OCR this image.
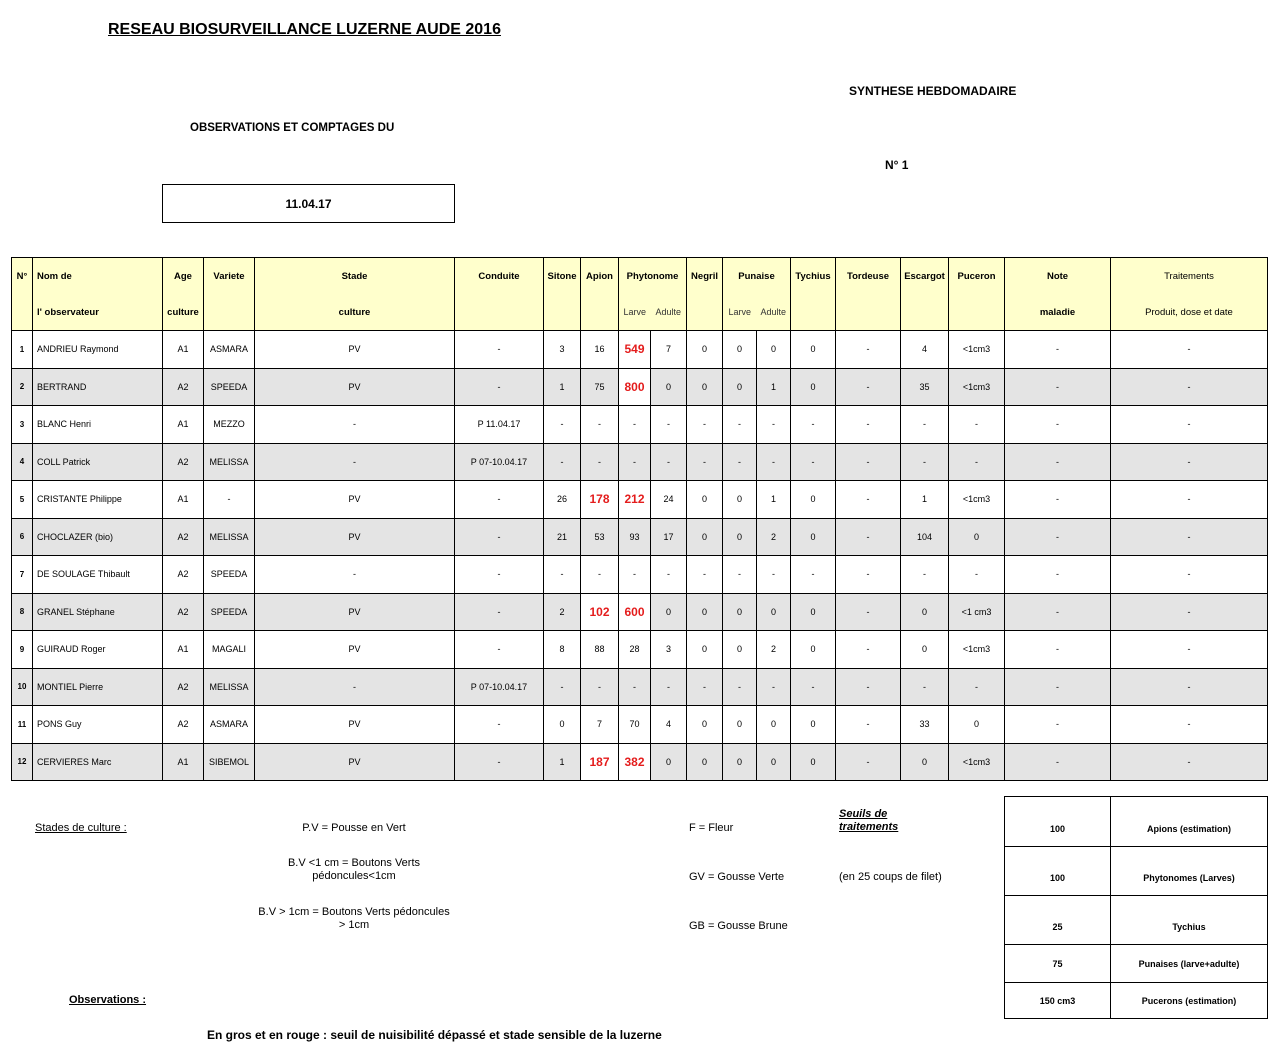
RESEAU BIOSURVEILLANCE LUZERNE AUDE 2016
SYNTHESE HEBDOMADAIRE
OBSERVATIONS ET COMPTAGES DU
N° 1
11.04.17
N°	Nom de	Age	Variete	Stade	Conduite	Sitone	Apion	Phytonome		Negril	Punaise		Tychius	Tordeuse	Escargot	Puceron	Note	Traitements
	l' observateur	culture		culture				Larve	Adulte		Larve	Adulte					maladie	Produit, dose et date
1	ANDRIEU Raymond	A1	ASMARA	PV	-	3	16	549	7	0	0	0	0	-	4	<1cm3	-	-
2	BERTRAND	A2	SPEEDA	PV	-	1	75	800	0	0	0	1	0	-	35	<1cm3	-	-
3	BLANC Henri	A1	MEZZO	-	P 11.04.17	-	-	-	-	-	-	-	-	-	-	-	-	-
4	COLL Patrick	A2	MELISSA	-	P 07-10.04.17	-	-	-	-	-	-	-	-	-	-	-	-	-
5	CRISTANTE Philippe	A1	-	PV	-	26	178	212	24	0	0	1	0	-	1	<1cm3	-	-
6	CHOCLAZER (bio)	A2	MELISSA	PV	-	21	53	93	17	0	0	2	0	-	104	0	-	-
7	DE SOULAGE Thibault	A2	SPEEDA	-	-	-	-	-	-	-	-	-	-	-	-	-	-	-
8	GRANEL Stéphane	A2	SPEEDA	PV	-	2	102	600	0	0	0	0	0	-	0	<1 cm3	-	-
9	GUIRAUD Roger	A1	MAGALI	PV	-	8	88	28	3	0	0	2	0	-	0	<1cm3	-	-
10	MONTIEL Pierre	A2	MELISSA	-	P 07-10.04.17	-	-	-	-	-	-	-	-	-	-	-	-	-
11	PONS Guy	A2	ASMARA	PV	-	0	7	70	4	0	0	0	0	-	33	0	-	-
12	CERVIERES Marc	A1	SIBEMOL	PV	-	1	187	382	0	0	0	0	0	-	0	<1cm3	-	-
Stades de culture :	P.V = Pousse en Vert
B.V <1 cm = Boutons Verts pédoncules<1cm
B.V > 1cm = Boutons Verts pédoncules > 1cm
F = Fleur
GV = Gousse Verte
GB = Gousse Brune
Seuils de traitements
(en 25 coups de filet)
100	Apions (estimation)
100	Phytonomes (Larves)
25	Tychius
75	Punaises (larve+adulte)
150 cm3	Pucerons (estimation)
Observations :
En gros et en rouge : seuil de nuisibilité dépassé et stade sensible de la luzerne
